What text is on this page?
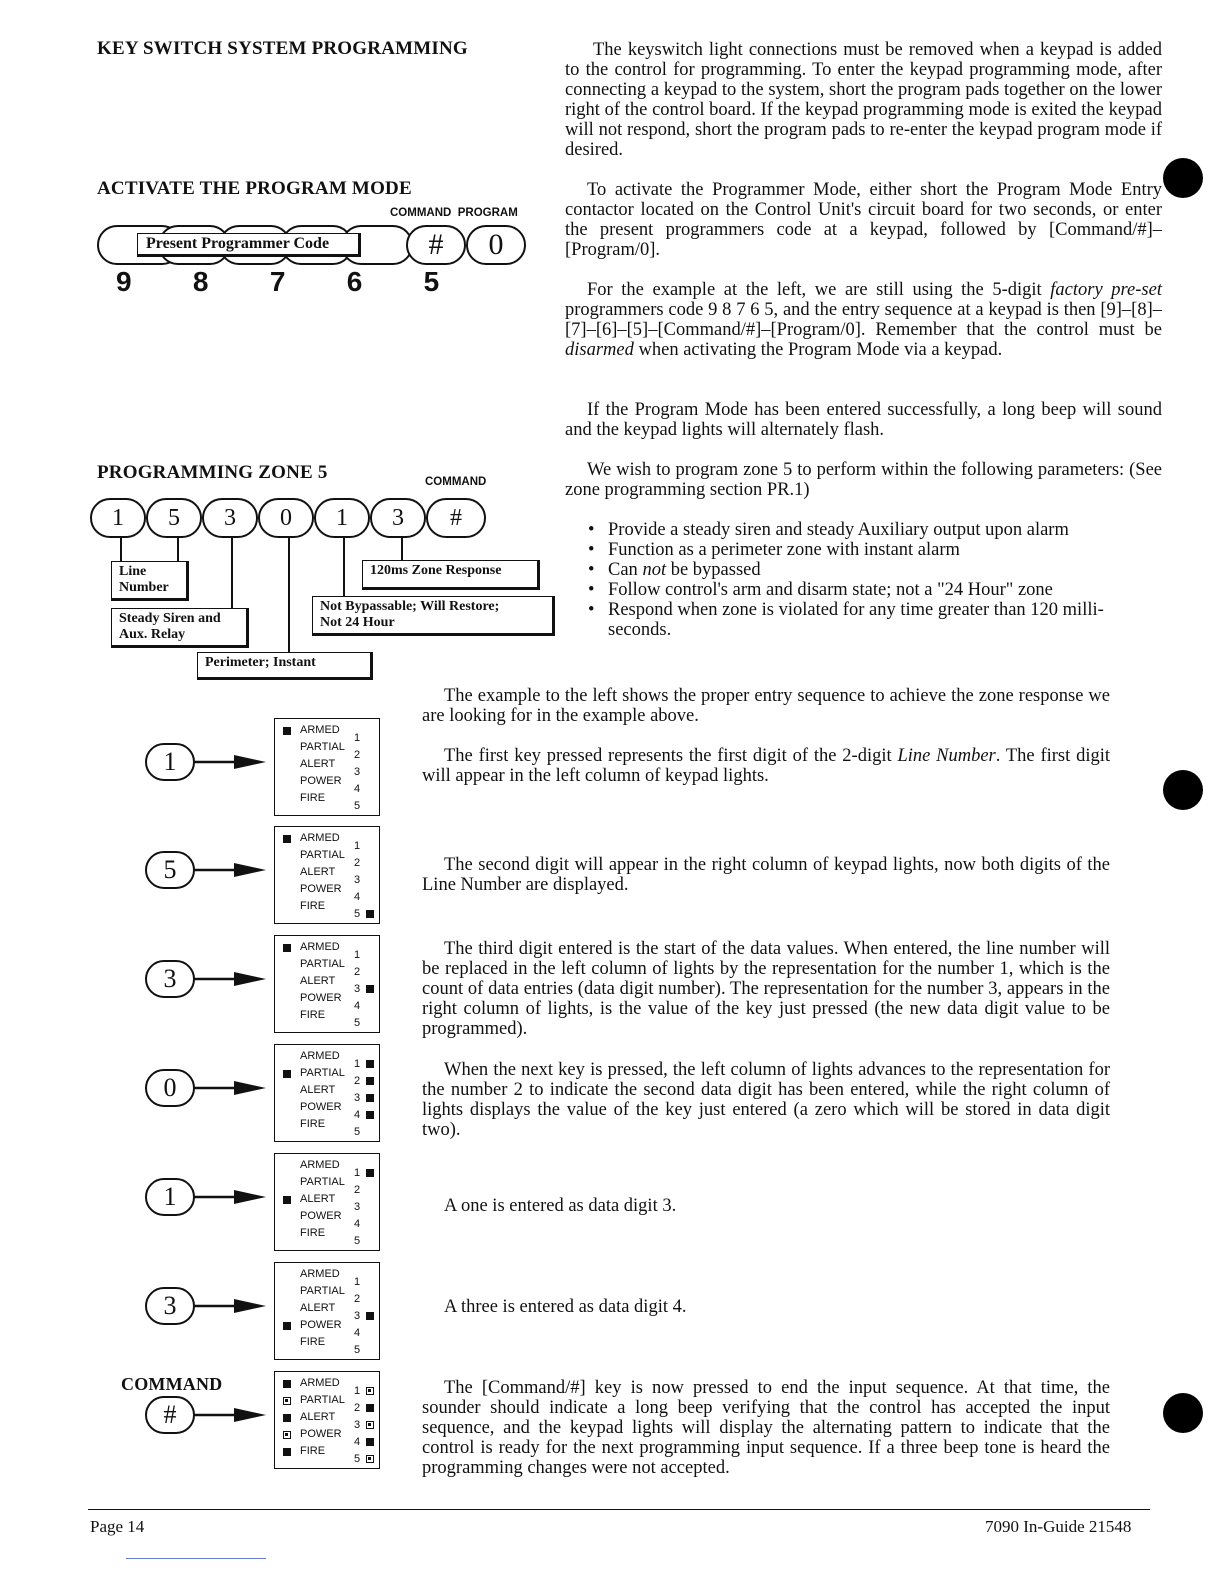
KEY SWITCH SYSTEM PROGRAMMING
ACTIVATE THE PROGRAM MODE
PROGRAMMING ZONE 5
COMMAND  PROGRAM
Present Programmer Code	#	0
9   8   7   6   5
COMMAND
1	5	3	0	1	3	#
Line
Number
Steady Siren and
Aux. Relay
Perimeter; Instant
Not Bypassable; Will Restore;
Not 24 Hour
120ms Zone Response
The keyswitch light connections must be removed when a keypad is added to the control for programming. To enter the keypad programming mode, after connecting a keypad to the system, short the program pads together on the lower right of the control board. If the keypad programming mode is exited the keypad will not respond, short the program pads to re-enter the keypad program mode if desired.
To activate the Programmer Mode, either short the Program Mode Entry contactor located on the Control Unit's circuit board for two seconds, or enter the present programmers code at a keypad, followed by [Command/#]–[Program/0].
For the example at the left, we are still using the 5-digit factory pre-set programmers code 9 8 7 6 5, and the entry sequence at a keypad is then [9]–[8]–[7]–[6]–[5]–[Command/#]–[Program/0]. Remember that the control must be disarmed when activating the Program Mode via a keypad.
If the Program Mode has been entered successfully, a long beep will sound and the keypad lights will alternately flash.
We wish to program zone 5 to perform within the following parameters: (See zone programming section PR.1)
• Provide a steady siren and steady Auxiliary output upon alarm
• Function as a perimeter zone with instant alarm
• Can not be bypassed
• Follow control's arm and disarm state; not a "24 Hour" zone
• Respond when zone is violated for any time greater than 120 milli-seconds.
The example to the left shows the proper entry sequence to achieve the zone response we are looking for in the example above.
The first key pressed represents the first digit of the 2-digit Line Number. The first digit will appear in the left column of keypad lights.
The second digit will appear in the right column of keypad lights, now both digits of the Line Number are displayed.
The third digit entered is the start of the data values. When entered, the line number will be replaced in the left column of lights by the representation for the number 1, which is the count of data entries (data digit number). The representation for the number 3, appears in the right column of lights, is the value of the key just pressed (the new data digit value to be programmed).
When the next key is pressed, the left column of lights advances to the representation for the number 2 to indicate the second data digit has been entered, while the right column of lights displays the value of the key just entered (a zero which will be stored in data digit two).
A one is entered as data digit 3.
A three is entered as data digit 4.
The [Command/#] key is now pressed to end the input sequence. At that time, the sounder should indicate a long beep verifying that the control has accepted the input sequence, and the keypad lights will display the alternating pattern to indicate that the control is ready for the next programming input sequence. If a three beep tone is heard the programming changes were not accepted.
COMMAND
1
ARMED
1
PARTIAL
2
ALERT
3
POWER
4
FIRE
5
5
ARMED
1
PARTIAL
2
ALERT
3
POWER
4
FIRE
5
3
ARMED
1
PARTIAL
2
ALERT
3
POWER
4
FIRE
5
0
ARMED
1
PARTIAL
2
ALERT
3
POWER
4
FIRE
5
1
ARMED
1
PARTIAL
2
ALERT
3
POWER
4
FIRE
5
3
ARMED
1
PARTIAL
2
ALERT
3
POWER
4
FIRE
5
#
ARMED
1
PARTIAL
2
ALERT
3
POWER
4
FIRE
5
Page 14	7090 In-Guide 21548
